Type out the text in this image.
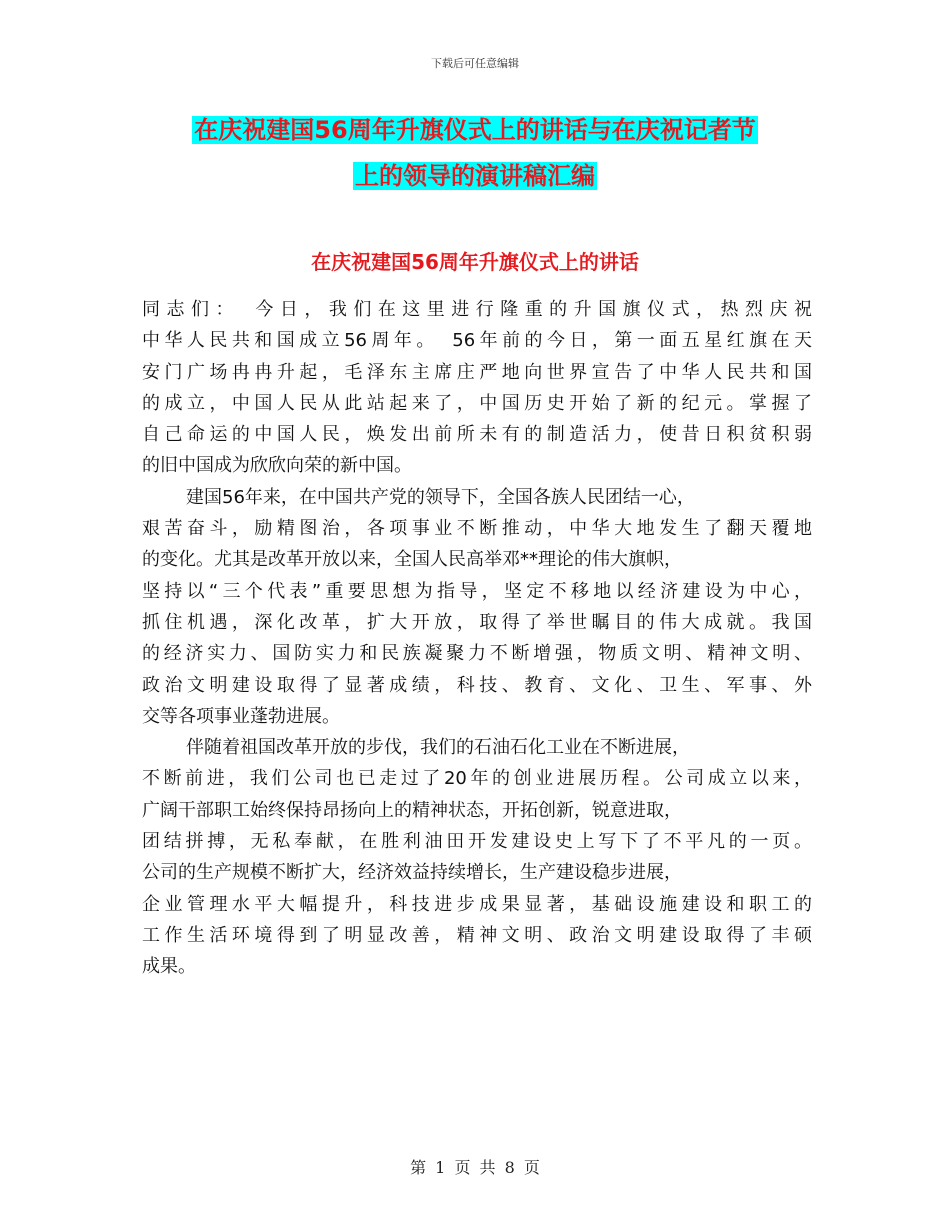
下载后可任意编辑
在庆祝建国56周年升旗仪式上的讲话与在庆祝记者节
上的领导的演讲稿汇编
在庆祝建国56周年升旗仪式上的讲话
同志们：　今日，我们在这里进行隆重的升国旗仪式，热烈庆祝
中华人民共和国成立56周年。　56年前的今日，第一面五星红旗在天
安门广场冉冉升起，毛泽东主席庄严地向世界宣告了中华人民共和国
的成立，中国人民从此站起来了，中国历史开始了新的纪元。掌握了
自己命运的中国人民，焕发出前所未有的制造活力，使昔日积贫积弱
的旧中国成为欣欣向荣的新中国。
建国56年来，在中国共产党的领导下，全国各族人民团结一心，
艰苦奋斗，励精图治，各项事业不断推动，中华大地发生了翻天覆地
的变化。尤其是改革开放以来，全国人民高举邓**理论的伟大旗帜，
坚持以“三个代表”重要思想为指导，坚定不移地以经济建设为中心，
抓住机遇，深化改革，扩大开放，取得了举世瞩目的伟大成就。我国
的经济实力、国防实力和民族凝聚力不断增强，物质文明、精神文明、
政治文明建设取得了显著成绩，科技、教育、文化、卫生、军事、外
交等各项事业蓬勃进展。
伴随着祖国改革开放的步伐，我们的石油石化工业在不断进展，
不断前进，我们公司也已走过了20年的创业进展历程。公司成立以来，
广阔干部职工始终保持昂扬向上的精神状态，开拓创新，锐意进取，
团结拼搏，无私奉献，在胜利油田开发建设史上写下了不平凡的一页。
公司的生产规模不断扩大，经济效益持续增长，生产建设稳步进展，
企业管理水平大幅提升，科技进步成果显著，基础设施建设和职工的
工作生活环境得到了明显改善，精神文明、政治文明建设取得了丰硕
成果。
第 1 页 共 8 页
